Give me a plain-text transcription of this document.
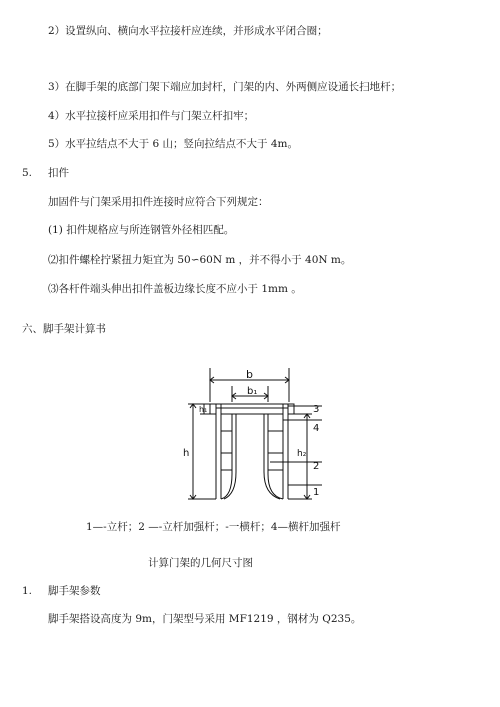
2）设置纵向、横向水平拉接杆应连续，并形成水平闭合圈；
3）在脚手架的底部门架下端应加封杆，门架的内、外两侧应设通长扫地杆；
4）水平拉接杆应采用扣件与门架立杆扣牢；
5）水平拉结点不大于 6 山；竖向拉结点不大于 4m。
5. 扣件
加固件与门架采用扣件连接时应符合下列规定：
(1) 扣件规格应与所连钢管外径相匹配。
⑵扣件螺栓拧紧扭力矩宜为 50∽60N m ，并不得小于 40N m。
⑶各杆件端头伸出扣件盖板边缘长度不应小于 1mm 。
六、脚手架计算书
b
b₁
h
h₁
h₂
3
4
2
1
1—-立杆；2 —-立杆加强杆；-一横杆；4—横杆加强杆
计算门架的几何尺寸图
1. 脚手架参数
脚手架搭设高度为 9m，门架型号采用 MF1219 ，钢材为 Q235。
